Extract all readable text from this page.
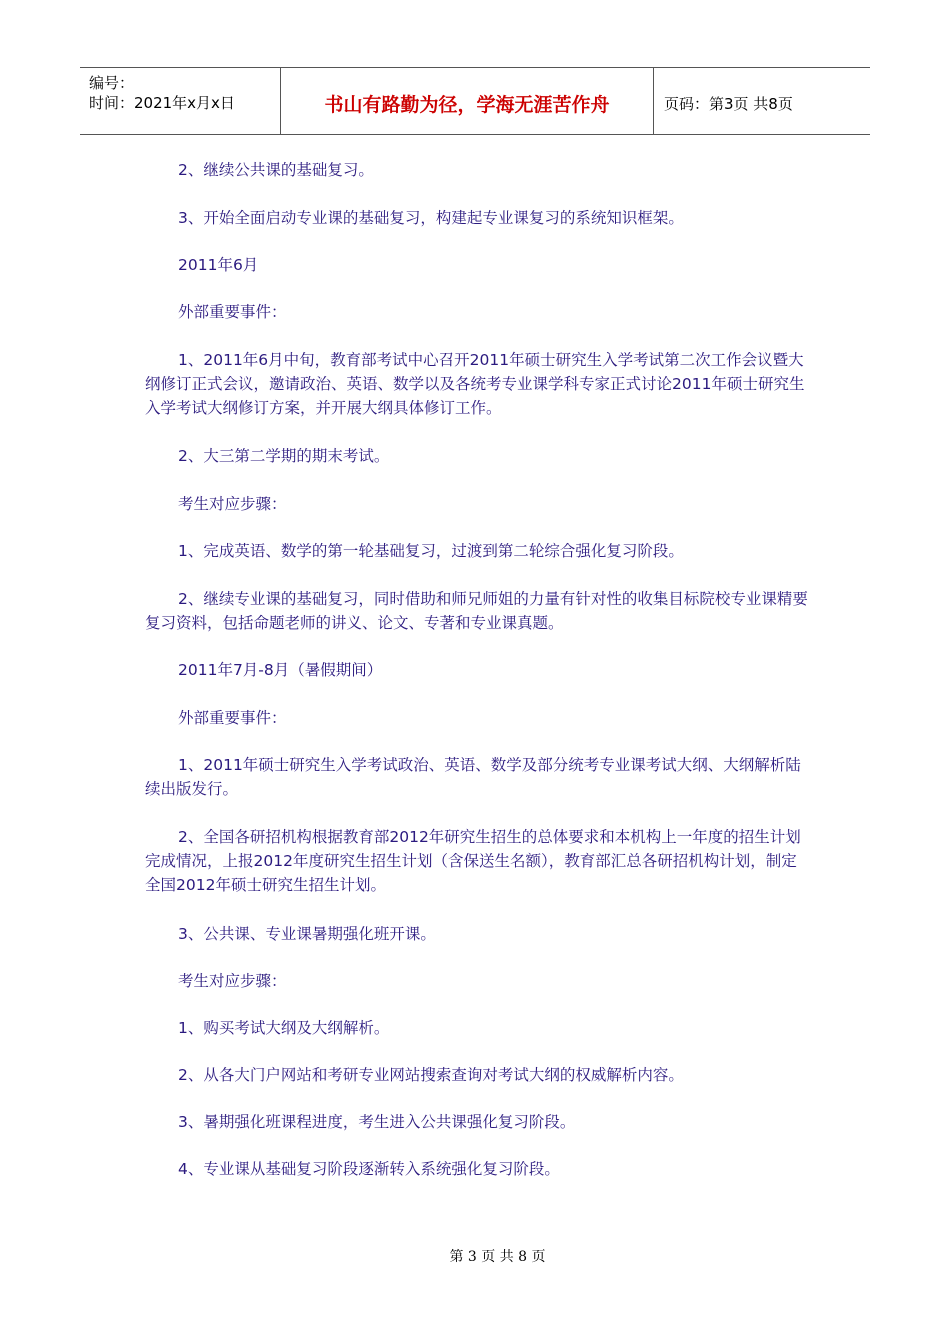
编号：
时间：2021年x月x日	书山有路勤为径，学海无涯苦作舟	页码：第3页 共8页

2、继续公共课的基础复习。

3、开始全面启动专业课的基础复习，构建起专业课复习的系统知识框架。

2011年6月

外部重要事件：

1、2011年6月中旬，教育部考试中心召开2011年硕士研究生入学考试第二次工作会议暨大纲修订正式会议，邀请政治、英语、数学以及各统考专业课学科专家正式讨论2011年硕士研究生入学考试大纲修订方案，并开展大纲具体修订工作。

2、大三第二学期的期末考试。

考生对应步骤：

1、完成英语、数学的第一轮基础复习，过渡到第二轮综合强化复习阶段。

2、继续专业课的基础复习，同时借助和师兄师姐的力量有针对性的收集目标院校专业课精要复习资料，包括命题老师的讲义、论文、专著和专业课真题。

2011年7月-8月（暑假期间）

外部重要事件：

1、2011年硕士研究生入学考试政治、英语、数学及部分统考专业课考试大纲、大纲解析陆续出版发行。

2、全国各研招机构根据教育部2012年研究生招生的总体要求和本机构上一年度的招生计划完成情况，上报2012年度研究生招生计划（含保送生名额），教育部汇总各研招机构计划，制定全国2012年硕士研究生招生计划。

3、公共课、专业课暑期强化班开课。

考生对应步骤：

1、购买考试大纲及大纲解析。

2、从各大门户网站和考研专业网站搜索查询对考试大纲的权威解析内容。

3、暑期强化班课程进度，考生进入公共课强化复习阶段。

4、专业课从基础复习阶段逐渐转入系统强化复习阶段。

第 3 页 共 8 页
